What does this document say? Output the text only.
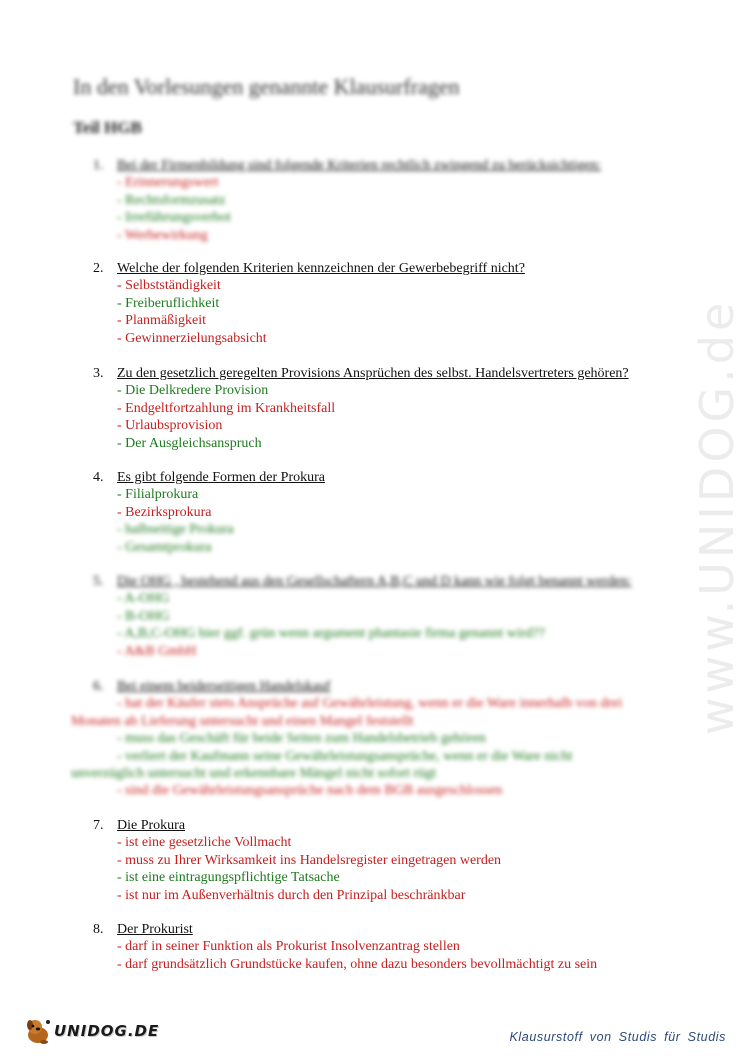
www.UNIDOG.de
In den Vorlesungen genannte Klausurfragen
Teil HGB
1. Bei der Firmenbildung sind folgende Kriterien rechtlich zwingend zu berücksichtigen:
- Erinnerungswert
- Rechtsformzusatz
- Irreführungsverbot
- Werbewirkung
2. Welche der folgenden Kriterien kennzeichnen der Gewerbebegriff nicht?
- Selbstständigkeit
- Freiberuflichkeit
- Planmäßigkeit
- Gewinnerzielungsabsicht
3. Zu den gesetzlich geregelten Provisions Ansprüchen des selbst. Handelsvertreters gehören?
- Die Delkredere Provision
- Endgeltfortzahlung im Krankheitsfall
- Urlaubsprovision
- Der Ausgleichsanspruch
4. Es gibt folgende Formen der Prokura
- Filialprokura
- Bezirksprokura
- halbseitige Prokura
- Gesamtprokura
5. Die OHG , bestehend aus den Gesellschaftern A,B,C und D kann wie folgt benannt werden:
- A-OHG
- B-OHG
- A,B,C-OHG hier ggf. grün wenn argument phantasie firma genannt wird??
- A&B GmbH
6. Bei einem beiderseitigen Handelskauf
- hat der Käufer stets Ansprüche auf Gewährleistung, wenn er die Ware innerhalb von drei
Monaten ab Lieferung untersucht und einen Mangel feststellt
- muss das Geschäft für beide Seiten zum Handelsbetrieb gehören
- verliert der Kaufmann seine Gewährleistungsansprüche, wenn er die Ware nicht
unverzüglich untersucht und erkennbare Mängel nicht sofort rügt
- sind die Gewährleistungsansprüche nach dem BGB ausgeschlossen
7. Die Prokura
- ist eine gesetzliche Vollmacht
- muss zu Ihrer Wirksamkeit ins Handelsregister eingetragen werden
- ist eine eintragungspflichtige Tatsache
- ist nur im Außenverhältnis durch den Prinzipal beschränkbar
8. Der Prokurist
- darf in seiner Funktion als Prokurist Insolvenzantrag stellen
- darf grundsätzlich Grundstücke kaufen, ohne dazu besonders bevollmächtigt zu sein
UNIDOG.DE	Klausurstoff von Studis für Studis
